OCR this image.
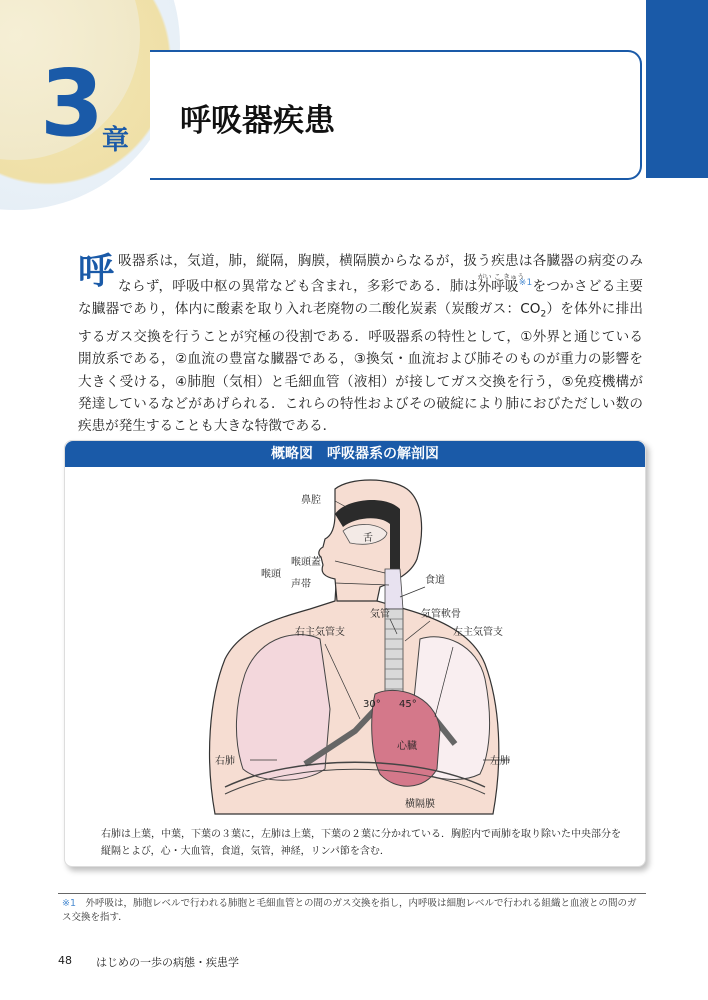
3
章
呼吸器疾患
呼吸器系は，気道，肺，縦隔，胸膜，横隔膜からなるが，扱う疾患は各臓器の病変のみならず，呼吸中枢の異常なども含まれ，多彩である．肺は
がい こ きゅう
外呼吸$^{※1}$をつかさどる主要な臓器であり，体内に酸素を取り入れ老廃物の二酸化炭素（炭酸ガス：$CO_2$）を体外に排出するガス交換を行うことが究極の役割である．呼吸器系の特性として，①外界と通じている開放系である，②血流の豊富な臓器である，③換気・血流および肺そのものが重力の影響を大きく受ける，④肺胞（気相）と毛細血管（液相）が接してガス交換を行う，⑤免疫機構が発達しているなどがあげられる．これらの特性およびその破綻により肺におびただしい数の疾患が発生することも大きな特徴である．
概略図　呼吸器系の解剖図
鼻腔
舌
喉頭蓋
喉頭
声帯	食道
気管	気管軟骨
右主気管支	左主気管支
30° 45°
心臓
右肺	左肺
横隔膜
右肺は上葉，中葉，下葉の３葉に，左肺は上葉，下葉の２葉に分かれている．胸腔内で両肺を取り除いた中央部分を縦隔とよび，心・大血管，食道，気管，神経，リンパ節を含む．
※1　 外呼吸は，肺胞レベルで行われる肺胞と毛細血管との間のガス交換を指し，内呼吸は細胞レベルで行われる組織と血液との間のガス交換を指す．
48 はじめの一歩の病態・疾患学
